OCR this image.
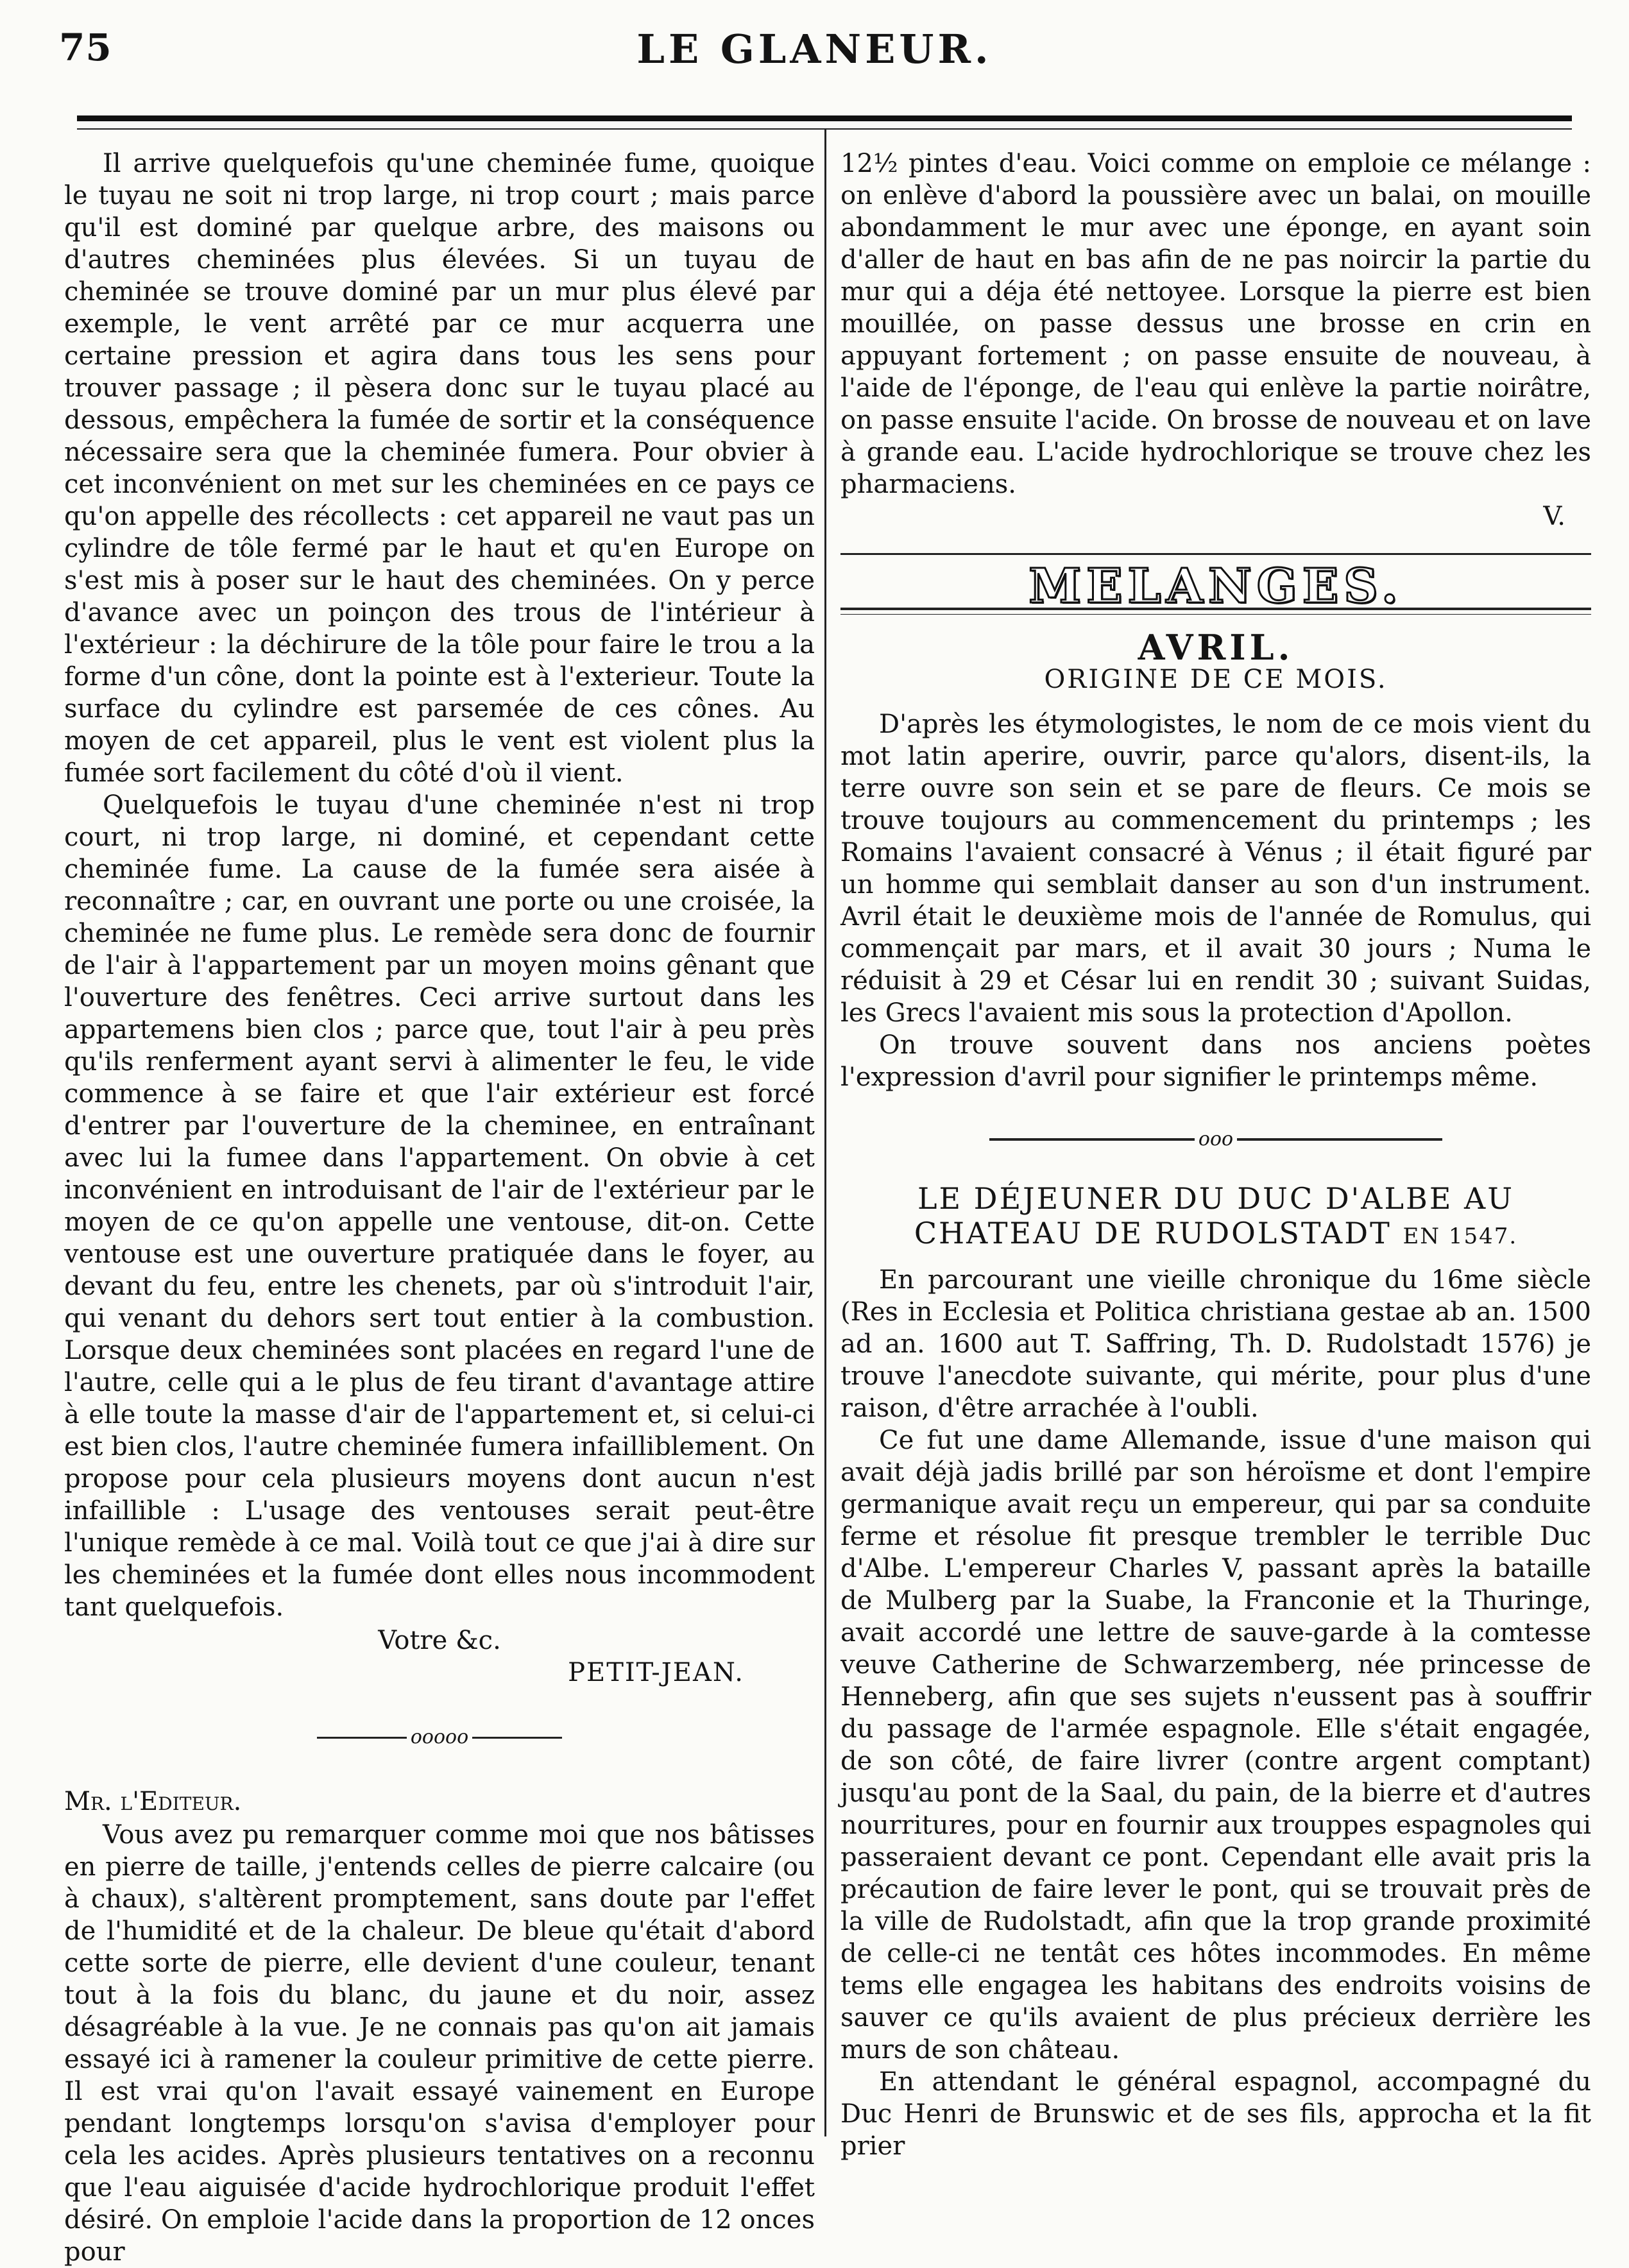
75	LE GLANEUR.

Il arrive quelquefois qu'une cheminée fume, quoique le tuyau ne soit ni trop large, ni trop court ; mais parce qu'il est dominé par quelque arbre, des maisons ou d'autres cheminées plus élevées. Si un tuyau de cheminée se trouve dominé par un mur plus élevé par exemple, le vent arrêté par ce mur acquerra une certaine pression et agira dans tous les sens pour trouver passage ; il pèsera donc sur le tuyau placé au dessous, empêchera la fumée de sortir et la conséquence nécessaire sera que la cheminée fumera. Pour obvier à cet inconvénient on met sur les cheminées en ce pays ce qu'on appelle des récollects : cet appareil ne vaut pas un cylindre de tôle fermé par le haut et qu'en Europe on s'est mis à poser sur le haut des cheminées. On y perce d'avance avec un poinçon des trous de l'intérieur à l'extérieur : la déchirure de la tôle pour faire le trou a la forme d'un cône, dont la pointe est à l'exterieur. Toute la surface du cylindre est parsemée de ces cônes. Au moyen de cet appareil, plus le vent est violent plus la fumée sort facilement du côté d'où il vient.

Quelquefois le tuyau d'une cheminée n'est ni trop court, ni trop large, ni dominé, et cependant cette cheminée fume. La cause de la fumée sera aisée à reconnaître ; car, en ouvrant une porte ou une croisée, la cheminée ne fume plus. Le remède sera donc de fournir de l'air à l'appartement par un moyen moins gênant que l'ouverture des fenêtres. Ceci arrive surtout dans les appartemens bien clos ; parce que, tout l'air à peu près qu'ils renferment ayant servi à alimenter le feu, le vide commence à se faire et que l'air extérieur est forcé d'entrer par l'ouverture de la cheminee, en entraînant avec lui la fumee dans l'appartement. On obvie à cet inconvénient en introduisant de l'air de l'extérieur par le moyen de ce qu'on appelle une ventouse, dit-on. Cette ventouse est une ouverture pratiquée dans le foyer, au devant du feu, entre les chenets, par où s'introduit l'air, qui venant du dehors sert tout entier à la combustion. Lorsque deux cheminées sont placées en regard l'une de l'autre, celle qui a le plus de feu tirant d'avantage attire à elle toute la masse d'air de l'appartement et, si celui-ci est bien clos, l'autre cheminée fumera infailliblement. On propose pour cela plusieurs moyens dont aucun n'est infaillible : L'usage des ventouses serait peut-être l'unique remède à ce mal. Voilà tout ce que j'ai à dire sur les cheminées et la fumée dont elles nous incommodent tant quelquefois.

Votre &c.
PETIT-JEAN.
ooooo

Mr. l'Editeur.

Vous avez pu remarquer comme moi que nos bâtisses en pierre de taille, j'entends celles de pierre calcaire (ou à chaux), s'altèrent promptement, sans doute par l'effet de l'humidité et de la chaleur. De bleue qu'était d'abord cette sorte de pierre, elle devient d'une couleur, tenant tout à la fois du blanc, du jaune et du noir, assez désagréable à la vue. Je ne connais pas qu'on ait jamais essayé ici à ramener la couleur primitive de cette pierre. Il est vrai qu'on l'avait essayé vainement en Europe pendant longtemps lorsqu'on s'avisa d'employer pour cela les acides. Après plusieurs tentatives on a reconnu que l'eau aiguisée d'acide hydrochlorique produit l'effet désiré. On emploie l'acide dans la proportion de 12 onces pour

12½ pintes d'eau. Voici comme on emploie ce mélange : on enlève d'abord la poussière avec un balai, on mouille abondamment le mur avec une éponge, en ayant soin d'aller de haut en bas afin de ne pas noircir la partie du mur qui a déja été nettoyee. Lorsque la pierre est bien mouillée, on passe dessus une brosse en crin en appuyant fortement ; on passe ensuite de nouveau, à l'aide de l'éponge, de l'eau qui enlève la partie noirâtre, on passe ensuite l'acide. On brosse de nouveau et on lave à grande eau. L'acide hydrochlorique se trouve chez les pharmaciens.

V.
MELANGES.
AVRIL.
ORIGINE DE CE MOIS.

D'après les étymologistes, le nom de ce mois vient du mot latin aperire, ouvrir, parce qu'alors, disent-ils, la terre ouvre son sein et se pare de fleurs. Ce mois se trouve toujours au commencement du printemps ; les Romains l'avaient consacré à Vénus ; il était figuré par un homme qui semblait danser au son d'un instrument. Avril était le deuxième mois de l'année de Romulus, qui commençait par mars, et il avait 30 jours ; Numa le réduisit à 29 et César lui en rendit 30 ; suivant Suidas, les Grecs l'avaient mis sous la protection d'Apollon.

On trouve souvent dans nos anciens poètes l'expression d'avril pour signifier le printemps même.

ooo
LE DÉJEUNER DU DUC D'ALBE AU CHATEAU DE RUDOLSTADT EN 1547.

En parcourant une vieille chronique du 16me siècle (Res in Ecclesia et Politica christiana gestae ab an. 1500 ad an. 1600 aut T. Saffring, Th. D. Rudolstadt 1576) je trouve l'anecdote suivante, qui mérite, pour plus d'une raison, d'être arrachée à l'oubli.

Ce fut une dame Allemande, issue d'une maison qui avait déjà jadis brillé par son héroïsme et dont l'empire germanique avait reçu un empereur, qui par sa conduite ferme et résolue fit presque trembler le terrible Duc d'Albe. L'empereur Charles V, passant après la bataille de Mulberg par la Suabe, la Franconie et la Thuringe, avait accordé une lettre de sauve-garde à la comtesse veuve Catherine de Schwarzemberg, née princesse de Henneberg, afin que ses sujets n'eussent pas à souffrir du passage de l'armée espagnole. Elle s'était engagée, de son côté, de faire livrer (contre argent comptant) jusqu'au pont de la Saal, du pain, de la bierre et d'autres nourritures, pour en fournir aux trouppes espagnoles qui passeraient devant ce pont. Cependant elle avait pris la précaution de faire lever le pont, qui se trouvait près de la ville de Rudolstadt, afin que la trop grande proximité de celle-ci ne tentât ces hôtes incommodes. En même tems elle engagea les habitans des endroits voisins de sauver ce qu'ils avaient de plus précieux derrière les murs de son château.

En attendant le général espagnol, accompagné du Duc Henri de Brunswic et de ses fils, approcha et la fit prier
